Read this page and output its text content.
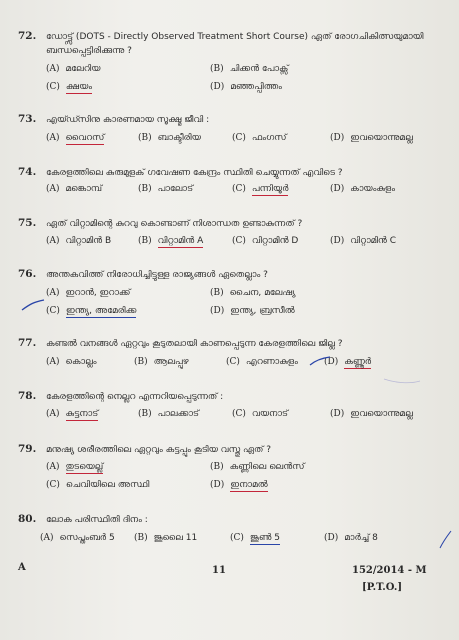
72. ഡോട്ട്സ് (DOTS - Directly Observed Treatment Short Course) ഏത് രോഗചികിത്സയുമായി ബന്ധപ്പെട്ടിരിക്കുന്നു ?
(A) മലേറിയ	(B) ചിക്കൻ പോക്സ്
(C) ക്ഷയം	(D) മഞ്ഞപ്പിത്തം
73. എയ്ഡ്സിനു കാരണമായ സൂക്ഷ്മ ജീവി :
(A) വൈറസ്	(B) ബാക്ടീരിയ	(C) ഫംഗസ്	(D) ഇവയൊന്നുമല്ല
74. കേരളത്തിലെ കുരുമുളക് ഗവേഷണ കേന്ദ്രം സ്ഥിതി ചെയ്യുന്നത് എവിടെ ?
(A) മങ്കൊമ്പ്	(B) പാലോട്	(C) പന്നിയൂർ	(D) കായംകുളം
75. ഏത് വിറ്റാമിന്റെ കുറവു കൊണ്ടാണ് നിശാന്ധത ഉണ്ടാകുന്നത് ?
(A) വിറ്റാമിൻ B	(B) വിറ്റാമിൻ A	(C) വിറ്റാമിൻ D	(D) വിറ്റാമിൻ C
76. അന്തകവിത്ത് നിരോധിച്ചിട്ടുള്ള രാജ്യങ്ങൾ ഏതെല്ലാം ?
(A) ഇറാൻ, ഇറാക്ക്	(B) ചൈന, മലേഷ്യ
(C) ഇന്ത്യ, അമേരിക്ക	(D) ഇന്ത്യ, ബ്രസീൽ
77. കണ്ടൽ വനങ്ങൾ ഏറ്റവും കൂടുതലായി കാണപ്പെടുന്ന കേരളത്തിലെ ജില്ല ?
(A) കൊല്ലം	(B) ആലപ്പുഴ	(C) എറണാകുളം	(D) കണ്ണൂർ
78. കേരളത്തിന്റെ നെല്ലറ എന്നറിയപ്പെടുന്നത് :
(A) കുട്ടനാട്	(B) പാലക്കാട്	(C) വയനാട്	(D) ഇവയൊന്നുമല്ല
79. മനുഷ്യ ശരീരത്തിലെ ഏറ്റവും കട്ടപ്പും കൂടിയ വസ്തു ഏത് ?
(A) തുടയെല്ല്	(B) കണ്ണിലെ ലെൻസ്
(C) ചെവിയിലെ അസ്ഥി	(D) ഇനാമൽ
80. ലോക പരിസ്ഥിതി ദിനം :
(A) സെപ്തംബർ 5 (B) ജൂലൈ 11	(C) ജൂൺ 5	(D) മാർച്ച് 8
A	11	152/2014 - M
[P.T.O.]
